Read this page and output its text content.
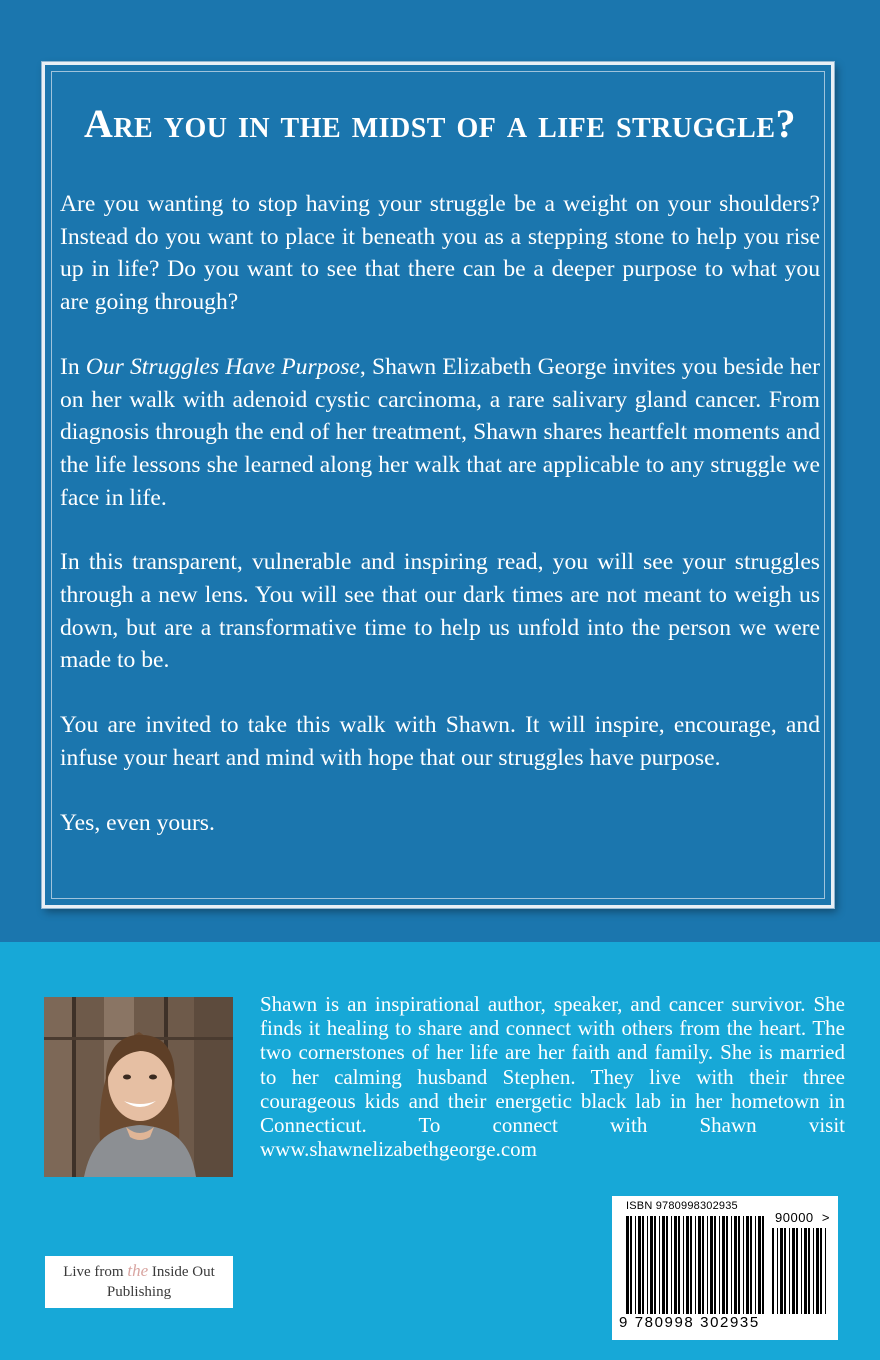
Are you in the midst of a life struggle?

Are you wanting to stop having your struggle be a weight on your shoulders? Instead do you want to place it beneath you as a stepping stone to help you rise up in life? Do you want to see that there can be a deeper purpose to what you are going through?

In Our Struggles Have Purpose, Shawn Elizabeth George invites you beside her on her walk with adenoid cystic carcinoma, a rare salivary gland cancer. From diagnosis through the end of her treatment, Shawn shares heartfelt moments and the life lessons she learned along her walk that are applicable to any struggle we face in life.

In this transparent, vulnerable and inspiring read, you will see your struggles through a new lens. You will see that our dark times are not meant to weigh us down, but are a transformative time to help us unfold into the person we were made to be.

You are invited to take this walk with Shawn. It will inspire, encourage, and infuse your heart and mind with hope that our struggles have purpose.

Yes, even yours.

Shawn is an inspirational author, speaker, and cancer survivor. She finds it healing to share and connect with others from the heart. The two cornerstones of her life are her faith and family. She is married to her calming husband Stephen. They live with their three courageous kids and their energetic black lab in her hometown in Connecticut. To connect with Shawn visit www.shawnelizabethgeorge.com

Live from the Inside Out
Publishing
ISBN 9780998302935
90000  >
9 780998 302935
